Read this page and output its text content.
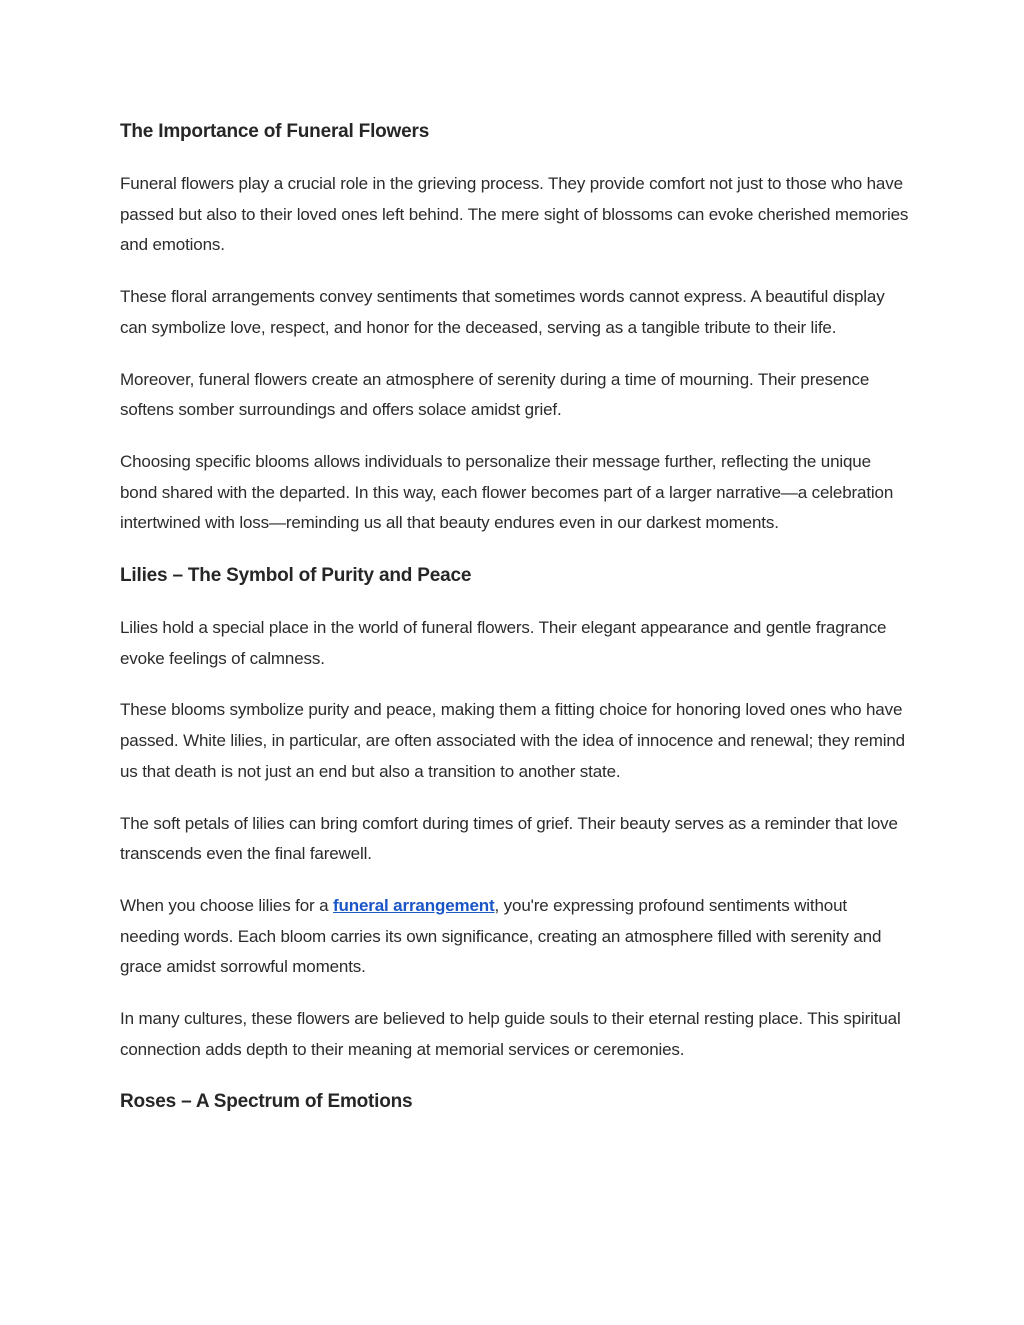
The Importance of Funeral Flowers

Funeral flowers play a crucial role in the grieving process. They provide comfort not just to those who have passed but also to their loved ones left behind. The mere sight of blossoms can evoke cherished memories and emotions.

These floral arrangements convey sentiments that sometimes words cannot express. A beautiful display can symbolize love, respect, and honor for the deceased, serving as a tangible tribute to their life.

Moreover, funeral flowers create an atmosphere of serenity during a time of mourning. Their presence softens somber surroundings and offers solace amidst grief.

Choosing specific blooms allows individuals to personalize their message further, reflecting the unique bond shared with the departed. In this way, each flower becomes part of a larger narrative—a celebration intertwined with loss—reminding us all that beauty endures even in our darkest moments.

Lilies – The Symbol of Purity and Peace

Lilies hold a special place in the world of funeral flowers. Their elegant appearance and gentle fragrance evoke feelings of calmness.

These blooms symbolize purity and peace, making them a fitting choice for honoring loved ones who have passed. White lilies, in particular, are often associated with the idea of innocence and renewal; they remind us that death is not just an end but also a transition to another state.

The soft petals of lilies can bring comfort during times of grief. Their beauty serves as a reminder that love transcends even the final farewell.

When you choose lilies for a funeral arrangement, you're expressing profound sentiments without needing words. Each bloom carries its own significance, creating an atmosphere filled with serenity and grace amidst sorrowful moments.

In many cultures, these flowers are believed to help guide souls to their eternal resting place. This spiritual connection adds depth to their meaning at memorial services or ceremonies.

Roses – A Spectrum of Emotions
